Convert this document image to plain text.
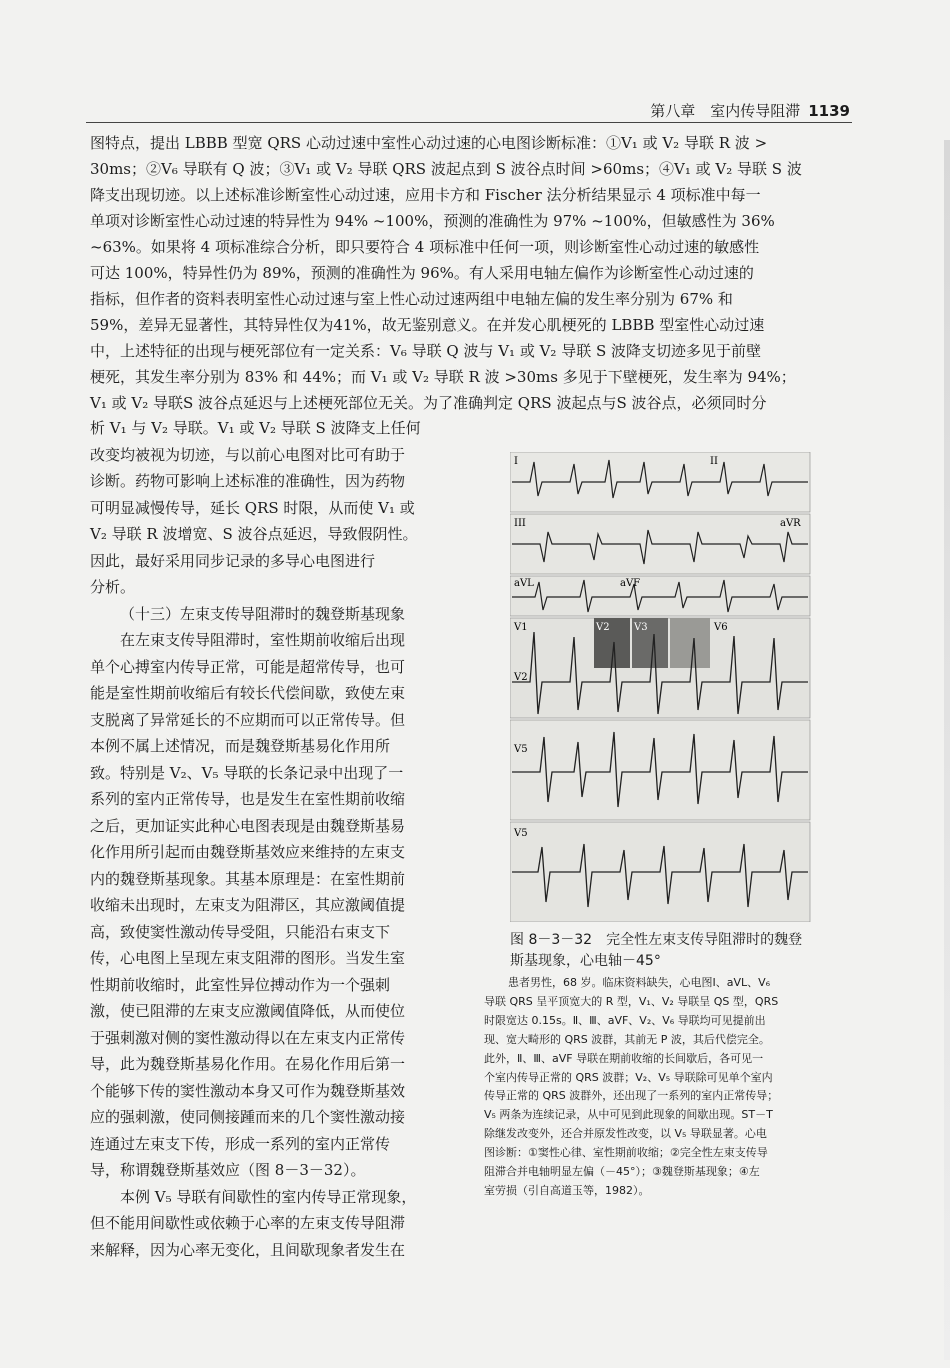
第八章　室内传导阻滞 1139
图特点，提出 LBBB 型宽 QRS 心动过速中室性心动过速的心电图诊断标准：①V₁ 或 V₂ 导联 R 波 >
30ms；②V₆ 导联有 Q 波；③V₁ 或 V₂ 导联 QRS 波起点到 S 波谷点时间 >60ms；④V₁ 或 V₂ 导联 S 波
降支出现切迹。以上述标准诊断室性心动过速，应用卡方和 Fischer 法分析结果显示 4 项标准中每一
单项对诊断室性心动过速的特异性为 94% ~100%，预测的准确性为 97% ~100%，但敏感性为 36%
~63%。如果将 4 项标准综合分析，即只要符合 4 项标准中任何一项，则诊断室性心动过速的敏感性
可达 100%，特异性仍为 89%，预测的准确性为 96%。有人采用电轴左偏作为诊断室性心动过速的
指标，但作者的资料表明室性心动过速与室上性心动过速两组中电轴左偏的发生率分别为 67% 和
59%，差异无显著性，其特异性仅为41%，故无鉴别意义。在并发心肌梗死的 LBBB 型室性心动过速
中，上述特征的出现与梗死部位有一定关系：V₆ 导联 Q 波与 V₁ 或 V₂ 导联 S 波降支切迹多见于前壁
梗死，其发生率分别为 83% 和 44%；而 V₁ 或 V₂ 导联 R 波 >30ms 多见于下壁梗死，发生率为 94%；
V₁ 或 V₂ 导联S 波谷点延迟与上述梗死部位无关。为了准确判定 QRS 波起点与S 波谷点，必须同时分
析 V₁ 与 V₂ 导联。V₁ 或 V₂ 导联 S 波降支上任何
改变均被视为切迹，与以前心电图对比可有助于
诊断。药物可影响上述标准的准确性，因为药物
可明显减慢传导，延长 QRS 时限，从而使 V₁ 或
V₂ 导联 R 波增宽、S 波谷点延迟，导致假阴性。
因此，最好采用同步记录的多导心电图进行
分析。
（十三）左束支传导阻滞时的魏登斯基现象
在左束支传导阻滞时，室性期前收缩后出现
单个心搏室内传导正常，可能是超常传导，也可
能是室性期前收缩后有较长代偿间歇，致使左束
支脱离了异常延长的不应期而可以正常传导。但
本例不属上述情况，而是魏登斯基易化作用所
致。特别是 V₂、V₅ 导联的长条记录中出现了一
系列的室内正常传导，也是发生在室性期前收缩
之后，更加证实此种心电图表现是由魏登斯基易
化作用所引起而由魏登斯基效应来维持的左束支
内的魏登斯基现象。其基本原理是：在室性期前
收缩未出现时，左束支为阻滞区，其应激阈值提
高，致使窦性激动传导受阻，只能沿右束支下
传，心电图上呈现左束支阻滞的图形。当发生室
性期前收缩时，此室性异位搏动作为一个强刺
激，使已阻滞的左束支应激阈值降低，从而使位
于强刺激对侧的窦性激动得以在左束支内正常传
导，此为魏登斯基易化作用。在易化作用后第一
个能够下传的窦性激动本身又可作为魏登斯基效
应的强刺激，使同侧接踵而来的几个窦性激动接
连通过左束支下传，形成一系列的室内正常传
导，称谓魏登斯基效应（图 8－3－32）。
本例 V₅ 导联有间歇性的室内传导正常现象，
但不能用间歇性或依赖于心率的左束支传导阻滞
来解释，因为心率无变化，且间歇现象者发生在
I	II
III	aVR
aVL	aVF
V1	V2 V3	V6
V2
V5
V5
图 8－3－32　完全性左束支传导阻滞时的魏登
斯基现象，心电轴－45°
患者男性，68 岁。临床资料缺失，心电图Ⅰ、aVL、V₆
导联 QRS 呈平顶宽大的 R 型，V₁、V₂ 导联呈 QS 型，QRS
时限宽达 0.15s。Ⅱ、Ⅲ、aVF、V₂、V₆ 导联均可见提前出
现、宽大畸形的 QRS 波群，其前无 P 波，其后代偿完全。
此外，Ⅱ、Ⅲ、aVF 导联在期前收缩的长间歇后，各可见一
个室内传导正常的 QRS 波群；V₂、V₅ 导联除可见单个室内
传导正常的 QRS 波群外，还出现了一系列的室内正常传导；
V₅ 两条为连续记录，从中可见到此现象的间歇出现。ST－T
除继发改变外，还合并原发性改变，以 V₅ 导联显著。心电
图诊断：①窦性心律、室性期前收缩；②完全性左束支传导
阻滞合并电轴明显左偏（－45°）；③魏登斯基现象；④左
室劳损（引自高道玉等，1982）。
